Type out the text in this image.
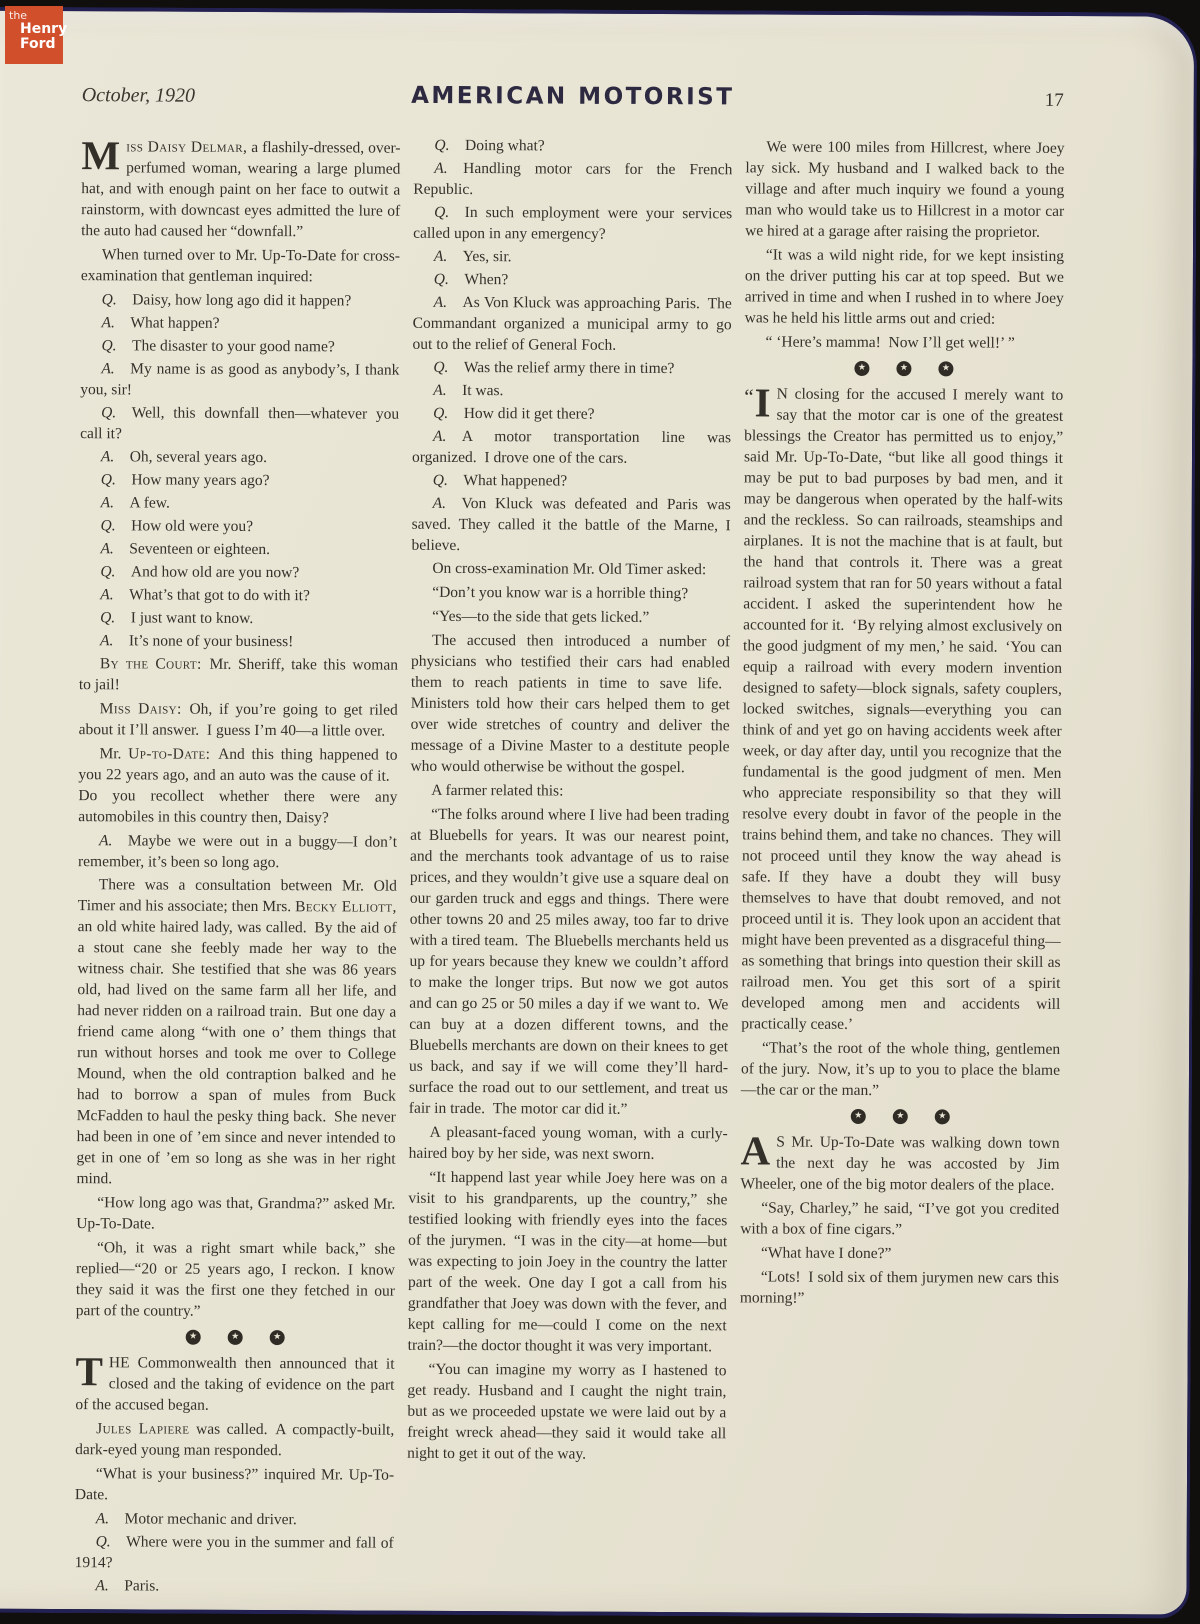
October, 1920	AMERICAN MOTORIST	17

Miss Daisy Delmar, a flashily-dressed, over-perfumed woman, wearing a large plumed hat, and with enough paint on her face to outwit a rainstorm, with downcast eyes admitted the lure of the auto had caused her “downfall.”

When turned over to Mr. Up-To-Date for cross-examination that gentleman inquired:

Q. Daisy, how long ago did it happen?

A. What happen?

Q. The disaster to your good name?

A. My name is as good as anybody’s, I thank you, sir!

Q. Well, this downfall then—whatever you call it?

A. Oh, several years ago.

Q. How many years ago?

A. A few.

Q. How old were you?

A. Seventeen or eighteen.

Q. And how old are you now?

A. What’s that got to do with it?

Q. I just want to know.

A. It’s none of your business!

By the Court: Mr. Sheriff, take this woman to jail!

Miss Daisy: Oh, if you’re going to get riled about it I’ll answer. I guess I’m 40—a little over.

Mr. Up-to-Date: And this thing happened to you 22 years ago, and an auto was the cause of it. Do you recollect whether there were any automobiles in this country then, Daisy?

A. Maybe we were out in a buggy—I don’t remember, it’s been so long ago.

There was a consultation between Mr. Old Timer and his associate; then Mrs. Becky Elliott, an old white haired lady, was called. By the aid of a stout cane she feebly made her way to the witness chair. She testified that she was 86 years old, had lived on the same farm all her life, and had never ridden on a railroad train. But one day a friend came along “with one o’ them things that run without horses and took me over to College Mound, when the old contraption balked and he had to borrow a span of mules from Buck McFadden to haul the pesky thing back. She never had been in one of ’em since and never intended to get in one of ’em so long as she was in her right mind.

“How long ago was that, Grandma?” asked Mr. Up-To-Date.

“Oh, it was a right smart while back,” she replied—“20 or 25 years ago, I reckon. I know they said it was the first one they fetched in our part of the country.”

★	★	★

THE Commonwealth then announced that it closed and the taking of evidence on the part of the accused began.

Jules Lapiere was called. A compactly-built, dark-eyed young man responded.

“What is your business?” inquired Mr. Up-To-Date.

A. Motor mechanic and driver.

Q. Where were you in the summer and fall of 1914?

A. Paris.

Q. Doing what?

A. Handling motor cars for the French Republic.

Q. In such employment were your services called upon in any emergency?

A. Yes, sir.

Q. When?

A. As Von Kluck was approaching Paris. The Commandant organized a municipal army to go out to the relief of General Foch.

Q. Was the relief army there in time?

A. It was.

Q. How did it get there?

A. A motor transportation line was organized. I drove one of the cars.

Q. What happened?

A. Von Kluck was defeated and Paris was saved. They called it the battle of the Marne, I believe.

On cross-examination Mr. Old Timer asked:

“Don’t you know war is a horrible thing?

“Yes—to the side that gets licked.”

The accused then introduced a number of physicians who testified their cars had enabled them to reach patients in time to save life. Ministers told how their cars helped them to get over wide stretches of country and deliver the message of a Divine Master to a destitute people who would otherwise be without the gospel.

A farmer related this:

“The folks around where I live had been trading at Bluebells for years. It was our nearest point, and the merchants took advantage of us to raise prices, and they wouldn’t give use a square deal on our garden truck and eggs and things. There were other towns 20 and 25 miles away, too far to drive with a tired team. The Bluebells merchants held us up for years because they knew we couldn’t afford to make the longer trips. But now we got autos and can go 25 or 50 miles a day if we want to. We can buy at a dozen different towns, and the Bluebells merchants are down on their knees to get us back, and say if we will come they’ll hard-surface the road out to our settlement, and treat us fair in trade. The motor car did it.”

A pleasant-faced young woman, with a curly-haired boy by her side, was next sworn.

“It happend last year while Joey here was on a visit to his grandparents, up the country,” she testified looking with friendly eyes into the faces of the jurymen. “I was in the city—at home—but was expecting to join Joey in the country the latter part of the week. One day I got a call from his grandfather that Joey was down with the fever, and kept calling for me—could I come on the next train?—the doctor thought it was very important.

“You can imagine my worry as I hastened to get ready. Husband and I caught the night train, but as we proceeded upstate we were laid out by a freight wreck ahead—they said it would take all night to get it out of the way.

We were 100 miles from Hillcrest, where Joey lay sick. My husband and I walked back to the village and after much inquiry we found a young man who would take us to Hillcrest in a motor car we hired at a garage after raising the proprietor.

“It was a wild night ride, for we kept insisting on the driver putting his car at top speed. But we arrived in time and when I rushed in to where Joey was he held his little arms out and cried:

“ ‘Here’s mamma! Now I’ll get well!’ ”

★	★	★

“ I N closing for the accused I merely want to say that the motor car is one of the greatest blessings the Creator has permitted us to enjoy,” said Mr. Up-To-Date, “but like all good things it may be put to bad purposes by bad men, and it may be dangerous when operated by the half-wits and the reckless. So can railroads, steamships and airplanes. It is not the machine that is at fault, but the hand that controls it. There was a great railroad system that ran for 50 years without a fatal accident. I asked the superintendent how he accounted for it. ‘By relying almost exclusively on the good judgment of my men,’ he said. ‘You can equip a railroad with every modern invention designed to safety—block signals, safety couplers, locked switches, signals—everything you can think of and yet go on having accidents week after week, or day after day, until you recognize that the fundamental is the good judgment of men. Men who appreciate responsibility so that they will resolve every doubt in favor of the people in the trains behind them, and take no chances. They will not proceed until they know the way ahead is safe. If they have a doubt they will busy themselves to have that doubt removed, and not proceed until it is. They look upon an accident that might have been prevented as a disgraceful thing—as something that brings into question their skill as railroad men. You get this sort of a spirit developed among men and accidents will practically cease.’

“That’s the root of the whole thing, gentlemen of the jury. Now, it’s up to you to place the blame—the car or the man.”

★	★	★

A S Mr. Up-To-Date was walking down town the next day he was accosted by Jim Wheeler, one of the big motor dealers of the place.

“Say, Charley,” he said, “I’ve got you credited with a box of fine cigars.”

“What have I done?”

“Lots! I sold six of them jurymen new cars this morning!”

the
Henry
Ford
